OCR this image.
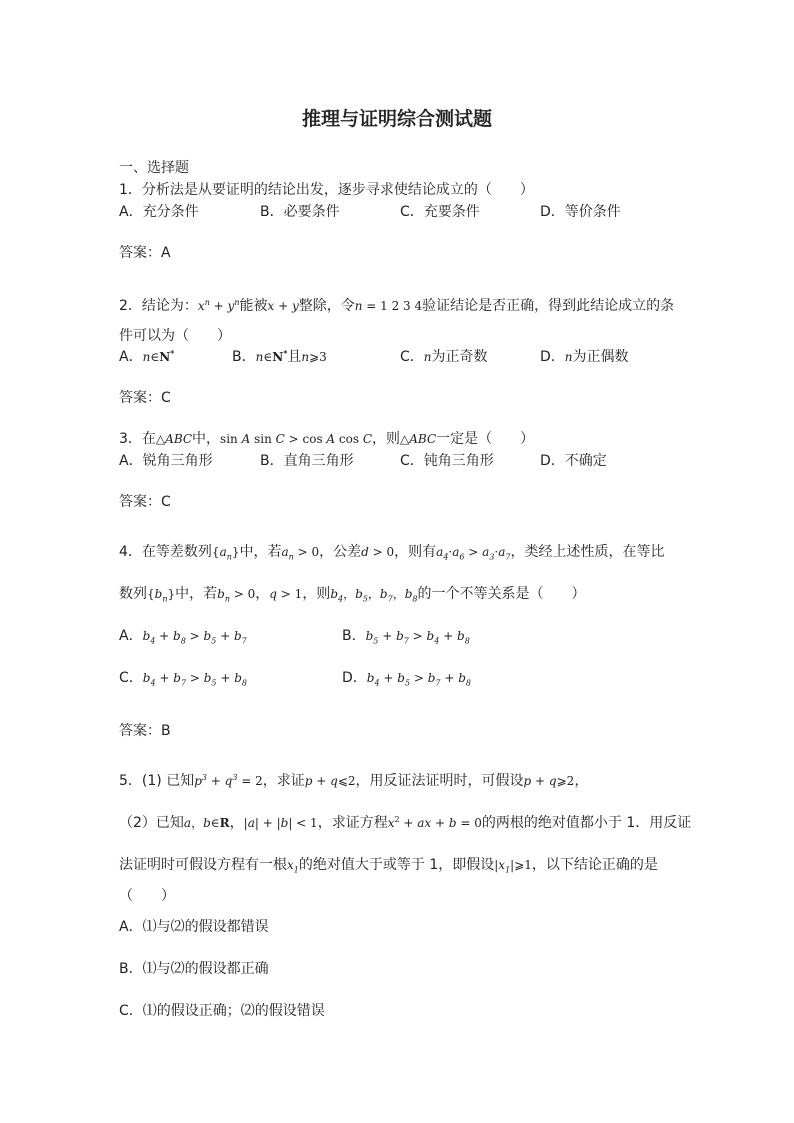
推理与证明综合测试题
一、选择题
1．分析法是从要证明的结论出发，逐步寻求使结论成立的（　　）
A．充分条件	B．必要条件	C．充要条件	D．等价条件
答案：A
2．结论为：$x^n + y^n$能被x + y整除，令n = 1 2 3 4验证结论是否正确，得到此结论成立的条
件可以为（　　）
A．n∈N*	B．n∈N*且n⩾3	C．n为正奇数	D．n为正偶数
答案：C
3．在△ABC中，sin A sin C > cos A cos C，则△ABC一定是（　　）
A．锐角三角形	B．直角三角形	C．钝角三角形	D．不确定
答案：C
4．在等差数列$\{a_n\}$中，若$a_n > 0$，公差d > 0，则有$a_4\cdot a_6 > a_3\cdot a_7$，类经上述性质，在等比
数列$\{b_n\}$中，若$b_n > 0$，q > 1，则$b_4$，$b_5$，$b_7$，$b_8$的一个不等关系是（　　）
A．$b_4 + b_8 > b_5 + b_7$	B．$b_5 + b_7 > b_4 + b_8$
C．$b_4 + b_7 > b_5 + b_8$	D．$b_4 + b_5 > b_7 + b_8$
答案：B
5．(1) 已知$p^3 + q^3 = 2$，求证p + q⩽2，用反证法证明时，可假设p + q⩾2，
（2）已知a，b∈R，|a| + |b| < 1，求证方程$x^2$ + ax + b = 0的两根的绝对值都小于 1．用反证
法证明时可假设方程有一根$x_1$的绝对值大于或等于 1，即假设$|x_1|⩾1$，以下结论正确的是
（　　）
A．⑴与⑵的假设都错误
B．⑴与⑵的假设都正确
C．⑴的假设正确；⑵的假设错误
